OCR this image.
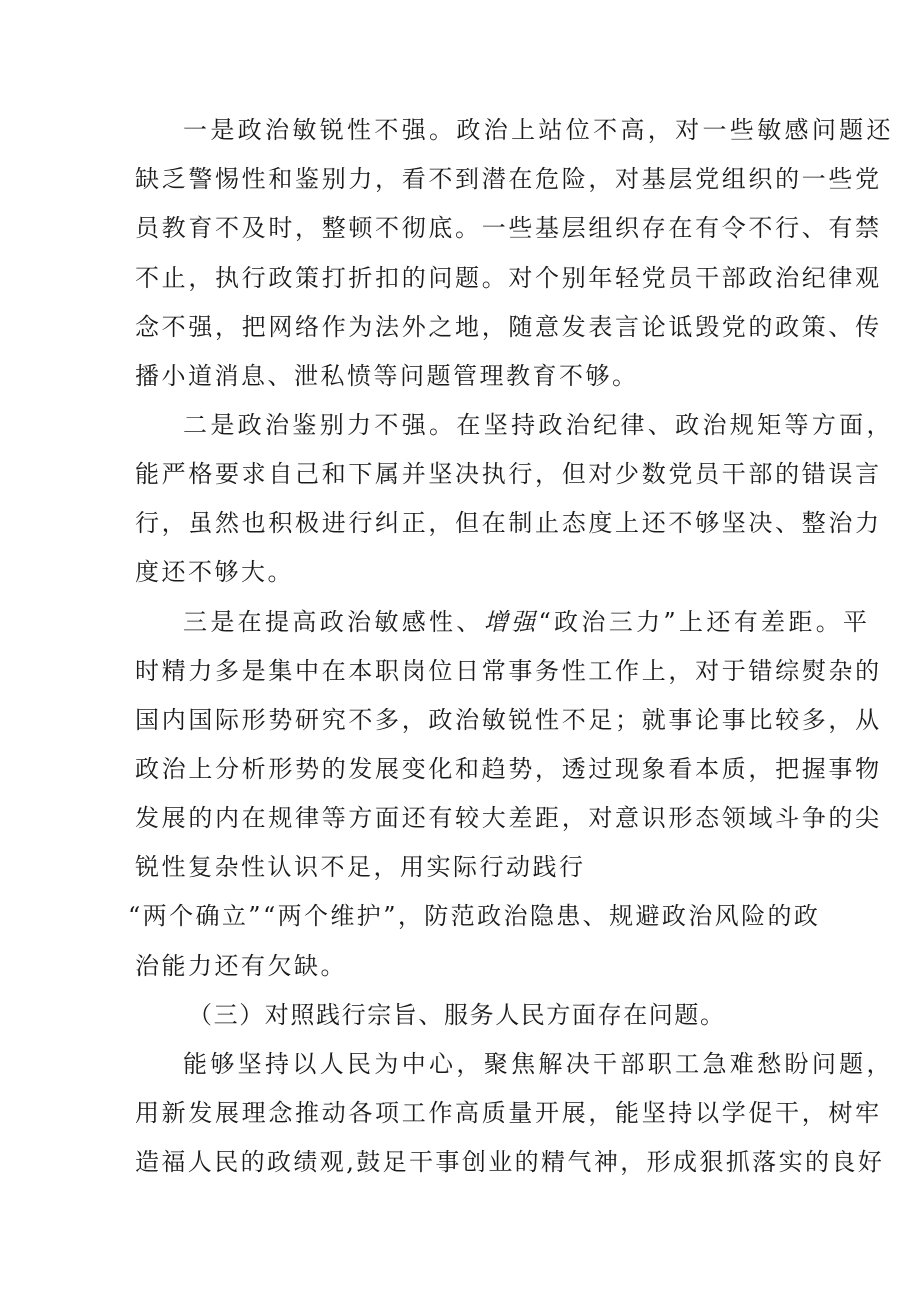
一是政治敏锐性不强。政治上站位不高，对一些敏感问题还
缺乏警惕性和鉴别力，看不到潜在危险，对基层党组织的一些党
员教育不及时，整顿不彻底。一些基层组织存在有令不行、有禁
不止，执行政策打折扣的问题。对个别年轻党员干部政治纪律观
念不强，把网络作为法外之地，随意发表言论诋毁党的政策、传
播小道消息、泄私愤等问题管理教育不够。
二是政治鉴别力不强。在坚持政治纪律、政治规矩等方面，
能严格要求自己和下属并坚决执行，但对少数党员干部的错误言
行，虽然也积极进行纠正，但在制止态度上还不够坚决、整治力
度还不够大。
三是在提高政治敏感性、增强“政治三力”上还有差距。平
时精力多是集中在本职岗位日常事务性工作上，对于错综熨杂的
国内国际形势研究不多，政治敏锐性不足；就事论事比较多，从
政治上分析形势的发展变化和趋势，透过现象看本质，把握事物
发展的内在规律等方面还有较大差距，对意识形态领域斗争的尖
锐性复杂性认识不足，用实际行动践行
“两个确立”“两个维护”，防范政治隐患、规避政治风险的政
治能力还有欠缺。
（三）对照践行宗旨、服务人民方面存在问题。
能够坚持以人民为中心，聚焦解决干部职工急难愁盼问题，
用新发展理念推动各项工作高质量开展，能坚持以学促干，树牢
造福人民的政绩观,鼓足干事创业的精气神，形成狠抓落实的良好
